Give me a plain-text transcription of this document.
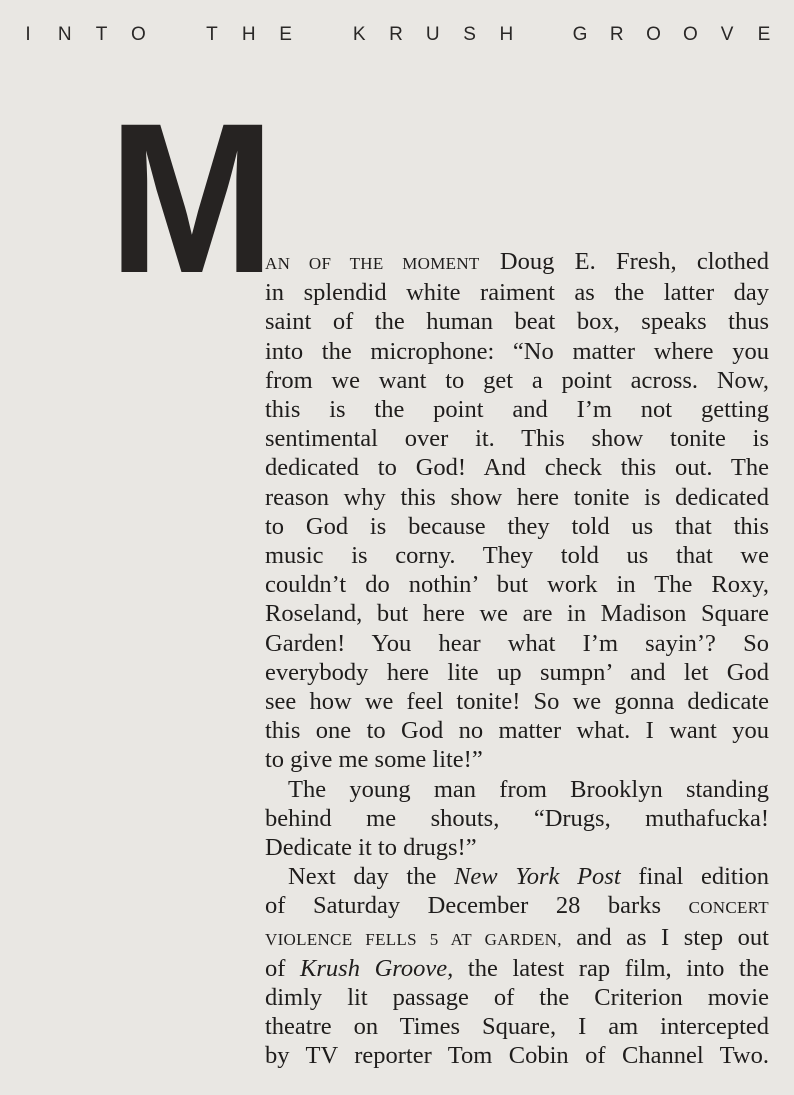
I	N	T	O	T	H E	K R U S H	G R O O V E
M
AN OF THE MOMENT Doug E. Fresh, clothed
in splendid white raiment as the latter day
saint of the human beat box, speaks thus
into the microphone: “No matter where you
from we want to get a point across. Now,
this is the point and I’m not getting
sentimental over it. This show tonite is
dedicated to God! And check this out. The
reason why this show here tonite is dedicated
to God is because they told us that this
music is corny. They told us that we
couldn’t do nothin’ but work in The Roxy,
Roseland, but here we are in Madison Square
Garden! You hear what I’m sayin’? So
everybody here lite up sumpn’ and let God
see how we feel tonite! So we gonna dedicate
this one to God no matter what. I want you
to give me some lite!”
The young man from Brooklyn standing
behind me shouts, “Drugs, muthafucka!
Dedicate it to drugs!”
Next day the New York Post final edition
of Saturday December 28 barks CONCERT
VIOLENCE FELLS 5 AT GARDEN, and as I step out
of Krush Groove, the latest rap film, into the
dimly lit passage of the Criterion movie
theatre on Times Square, I am intercepted
by TV reporter Tom Cobin of Channel Two.
